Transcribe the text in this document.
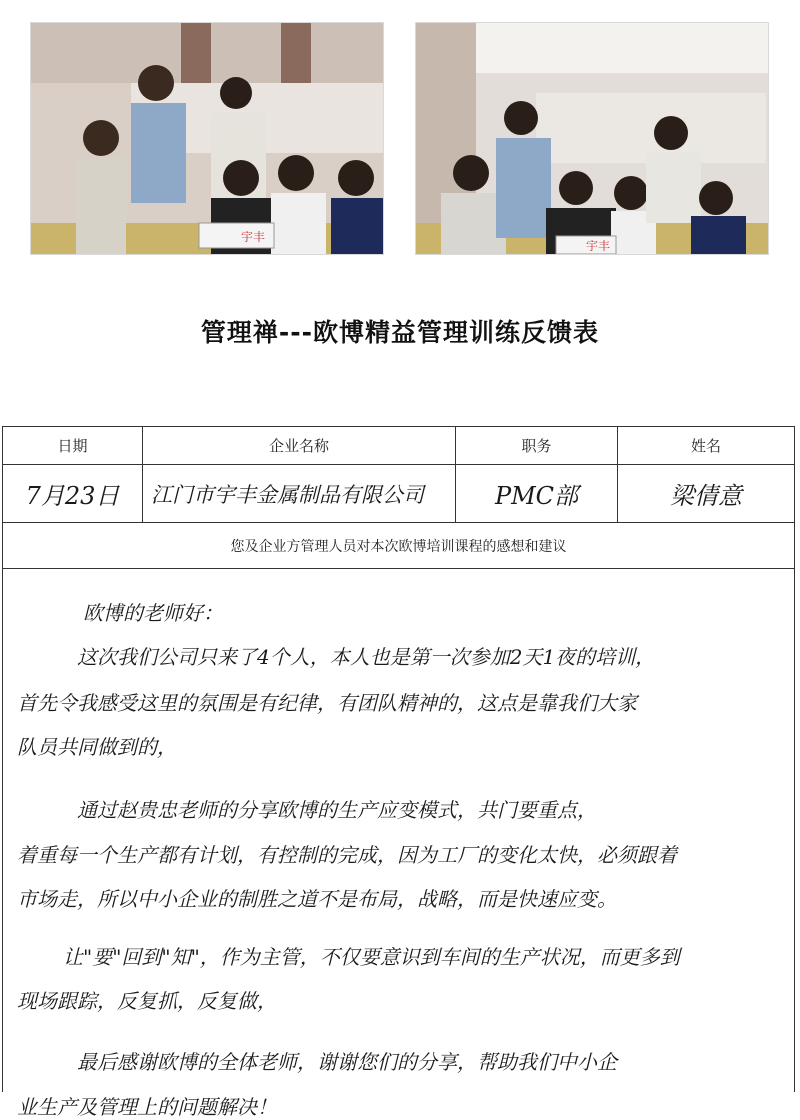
宇丰
宇丰
管理禅---欧博精益管理训练反馈表
日期	企业名称	职务	姓名
7月23日	江门市宇丰金属制品有限公司	PMC部	梁倩意
您及企业方管理人员对本次欧博培训课程的感想和建议
欧博的老师好：
这次我们公司只来了4个人，本人也是第一次参加2天1夜的培训，
首先令我感受这里的氛围是有纪律，有团队精神的，这点是靠我们大家
队员共同做到的，
通过赵贵忠老师的分享欧博的生产应变模式，共门要重点，
着重每一个生产都有计划，有控制的完成，因为工厂的变化太快，必须跟着
市场走，所以中小企业的制胜之道不是布局，战略，而是快速应变。
让"要"回到"知"，作为主管，不仅要意识到车间的生产状况，而更多到
现场跟踪，反复抓，反复做，
最后感谢欧博的全体老师，谢谢您们的分享，帮助我们中小企
业生产及管理上的问题解决！
